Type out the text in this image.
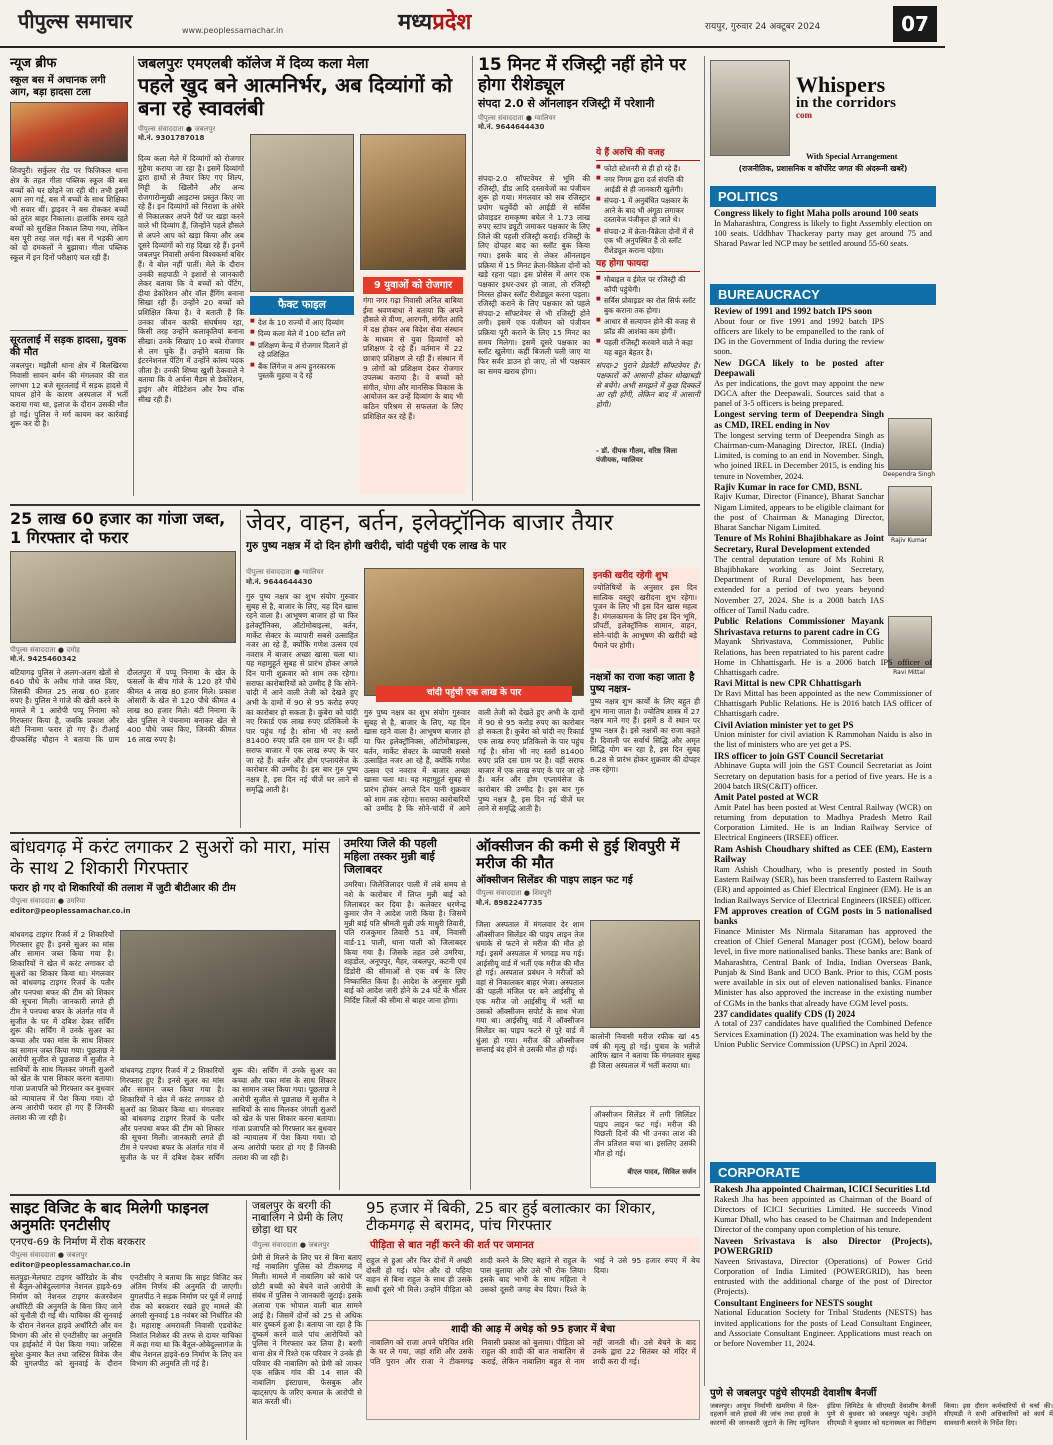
पीपुल्स समाचार	www.peoplessamachar.in	मध्यप्रदेश	रायपुर, गुरुवार 24 अक्टूबर 2024	07
न्यूज ब्रीफ
स्कूल बस में अचानक लगी आग, बड़ा हादसा टला
शिवपुरी। सर्कुलर रोड पर फिजिकल थाना क्षेत्र के तहत गीता पब्लिक स्कूल की बस बच्चों को घर छोड़ने जा रही थी। तभी इसमें आग लग गई, बस में बच्चों के साथ शिक्षिका भी सवार थीं। ड्राइवर ने बस रोककर बच्चों को तुरंत बाहर निकाला। हालांकि समय रहते बच्चों को सुरक्षित निकाल लिया गया, लेकिन बस पूरी तरह जल गई। बस में भड़की आग को दो दमकलों ने बुझाया। गीता पब्लिक स्कूल में इन दिनों परीक्षाएं चल रही हैं।
सूरतलाई में सड़क हादसा, युवक की मौत
जबलपुर। मझौली थाना क्षेत्र में बिलखिरया निवासी सावन बर्मन की मंगलवार की रात लगभग 12 बजे सूरतलाई में सड़क हादसे में घायल होने के कारण अस्पताल में भर्ती कराया गया था, इलाज के दौरान उसकी मौत हो गई। पुलिस ने मर्ग कायम कर कार्रवाई शुरू कर दी है।
जबलपुरः एमएलबी कॉलेज में दिव्य कला मेला
पहले खुद बने आत्मनिर्भर, अब दिव्यांगों को बना रहे स्वावलंबी
पीपुल्स संवाददाता ● जबलपुर
मो.नं. 9301787018
दिव्य कला मेले में दिव्यांगों को रोजगार मुहैया कराया जा रहा है। इसमें दिव्यांगों द्वारा हाथों से तैयार किए गए शिल्प, मिट्टी के खिलौने और अन्य रोजगारोन्मुखी आइटम्स प्रस्तुत किए जा रहे हैं। इन दिव्यांगों को निराशा के अंधेरे से निकालकर अपने पैरों पर खड़ा करने वाले भी दिव्यांग हैं, जिन्होंने पहले हौसले से अपने आप को खड़ा किया और अब दूसरे दिव्यांगों को राह दिखा रहे हैं। इनमें जबलपुर निवासी अर्चना विश्वकर्मा बधिर हैं। वे बोल नहीं पातीं। मेले के दौरान उनकी सहपाठी ने इशारों से जानकारी लेकर बताया कि वे बच्चों को पेंटिंग, दीया डेकोरेशन और वॉल हैंगिंग बनाना सिखा रही हैं। उन्होंने 20 बच्चों को प्रशिक्षित किया है। वे बताती हैं कि उनका जीवन काफी संघर्षमय रहा, किसी तरह उन्होंने कलाकृतियां बनाना सीखा। उनके सिखाए 10 बच्चे रोजगार से लग चुके हैं। उन्होंने बताया कि इंटरनेशनल पेंटिंग में उन्होंने कांस्य पदक जीता है। उनकी शिष्या खुशी ठेकवाले ने बताया कि वे अर्चना मैडम से डेकोरेशन, ड्राइंग और मेडिटेशन और रैम्प वॉक सीख रही हैं।
फैक्ट फाइल
■ देश के 10 राज्यों में आए दिव्यांग
■ दिव्य कला मेले में 100 स्टॉल लगे
■ प्रशिक्षण केन्द्र में रोजगार दिलाने हो रहे प्रशिक्षित
■ बैंक लिंगेज व अन्य हुनरकारक पुस्तकें मुहया व दे रहे
9 युवाओं को रोजगार
गंगा नगर गढ़ा निवासी अनिल बाबिया ईमा श्रवणबाधा ने बताया कि अपने हौसले से वीणा, आरगनी, संगीत आदि में दक्ष होकर अब विदेश सेवा संस्थान के माध्यम से युवा दिव्यांगों को प्रशिक्षण दे रहे हैं। वर्तमान में 22 छात्राएं प्रशिक्षण ले रही हैं। संस्थान में 9 लोगों को प्रशिक्षण देकर रोजगार उपलब्ध कराया है। वे बच्चों को संगीत, योगा और मानसिक विकास के आयोजन कर उन्हें दिव्यांग के बाद भी कठिन परिश्रम से सफलता के लिए प्रशिक्षित कर रहे हैं।
15 मिनट में रजिस्ट्री नहीं होने पर होगा रीशेड्यूल
संपदा 2.0 से ऑनलाइन रजिस्ट्री में परेशानी
पीपुल्स संवाददाता ● ग्वालियर
मो.नं. 9644644430
संपदा-2.0 सॉफ्टवेयर से भूमि की रजिस्ट्री, डीड आदि दस्तावेजों का पंजीयन शुरू हो गया। मंगलवार को सब रजिस्ट्रार प्रयोग चतुर्वेदी को आईडी से सर्विस प्रोवाइडर रामकृष्ण बघेल ने 1.73 लाख रुपए स्टांप ड्यूटी जमाकर पक्षकार के लिए जिले की पहली रजिस्ट्री कराई। रजिस्ट्री के लिए दोपहर बाद का स्लॉट बुक किया गया। इसके बाद से लेकर ऑनलाइन प्रक्रिया में 15 मिनट क्रेता-विक्रेता दोनों को खड़े रहना पड़ा। इस प्रोसेस में अगर एक पक्षकार इधर-उधर हो जाता, तो रजिस्ट्री निरस्त होकर स्लॉट रीशेड्यूल करना पड़ता। रजिस्ट्री कराने के लिए पक्षकार को पहले संपदा-2 सॉफ्टवेयर से भी रजिस्ट्री होने लगी। इसमें एक पंजीयन को पंजीयन प्रक्रिया पूरी कराने के लिए 15 मिनट का समय मिलेगा। इसमें दूसरे पक्षकार का स्लॉट खुलेगा। कहीं बिजली चली जाए या फिर सर्वर डाउन हो जाए, तो भी पक्षकार का समय खराब होगा।
ये हैं अरुचि की वजह
■ फोटो स्टेशनरी से ही हो रहे हैं।
■ नगर निगम द्वारा दर्ज संपत्ति की आईडी से ही जानकारी खुलेगी।
■ संपदा-1 में अनुबंधित पक्षकार के आने के बाद भी अंगूठा लगाकर दस्तावेज पंजीकृत हो जाते थे।
■ संपदा-2 में क्रेता-विक्रेता दोनों में से एक भी अनुपस्थित है तो स्लॉट रीशेड्यूल कराना पड़ेगा।
यह होगा फायदा
■ मोबाइल व ईमेल पर रजिस्ट्री की कॉपी पहुंचेगी।
■ सर्विस प्रोवाइडर का रोल सिर्फ स्लॉट बुक कराना तक होगा।
■ आधार से सत्यापन होने की वजह से फ्रॉड की आशंका कम होगी।
■ पहली रजिस्ट्री करवाने वाले ने कहा यह बहुत बेहतर है।
संपदा-2 पुराने प्रेडवेटी सॉफ्टवेयर है। पक्षकारों को आसानी होकर धोखाधड़ी से बचेंगे। अभी समझने में कुछ दिक्कतें आ रही होंगी, लेकिन बाद में आसानी होगी।
- डॉ. दीपक गौतम, वरिष्ठ जिला पंजीयक, ग्वालियर
Whispers
in the corridors
com
With Special Arrangement
(राजनीतिक, प्रशासनिक व कॉर्पोरेट जगत की अंदरूनी खबरें)
POLITICS
Congress likely to fight Maha polls around 100 seats
In Maharashtra, Congress is likely to fight Assembly election on 100 seats. Uddhhav Thackeray party may get around 75 and Sharad Pawar led NCP may be settled around 55-60 seats.
BUREAUCRACY
Deependra Singh
Rajiv Kumar
Ravi Mittal
Review of 1991 and 1992 batch IPS soon
About four or five 1991 and 1992 batch IPS officers are likely to be empanelled to the rank of DG in the Government of India during the review soon.
New DGCA likely to be posted after Deepawali
As per indications, the govt may appoint the new DGCA after the Deepawali. Sources said that a panel of 3-5 officers is being prepared.
Longest serving term of Deependra Singh as CMD, IREL ending in Nov
The longest serving term of Deependra Singh as Chairman-cum-Managing Director, IREL (India) Limited, is coming to an end in November. Singh, who joined IREL in December 2015, is ending his tenure in November, 2024.
Rajiv Kumar in race for CMD, BSNL
Rajiv Kumar, Director (Finance), Bharat Sanchar Nigam Limited, appears to be eligible claimant for the post of Chairman & Managing Director, Bharat Sanchar Nigam Limited.
Tenure of Ms Rohini Bhajibhakare as Joint Secretary, Rural Development extended
The central deputation tenure of Ms Rohini R Bhajibhakare working as Joint Secretary, Department of Rural Development, has been extended for a period of two years beyond November 27, 2024. She is a 2008 batch IAS officer of Tamil Nadu cadre.
Public Relations Commissioner Mayank Shrivastava returns to parent cadre in CG
Mayank Shrivastava, Commissioner, Public Relations, has been repatriated to his parent cadre Home in Chhattisgarh. He is a 2006 batch IPS officer of Chhattisgarh cadre.
Ravi Mittal is new CPR Chhattisgarh
Dr Ravi Mittal has been appointed as the new Commissioner of Chhattisgarh Public Relations. He is 2016 batch IAS officer of Chhattisgarh cadre.
Civil Aviation minister yet to get PS
Union minister for civil aviation K Rammohan Naidu is also in the list of ministers who are yet get a PS.
IRS officer to join GST Council Secretariat
Abhinave Gupta will join the GST Council Secretariat as Joint Secretary on deputation basis for a period of five years. He is a 2004 batch IRS(C&IT) officer.
Amit Patel posted at WCR
Amit Patel has been posted at West Central Railway (WCR) on returning from deputation to Madhya Pradesh Metro Rail Corporation Limited. He is an Indian Railway Service of Electrical Engineers (IRSEE) officer.
Ram Ashish Choudhary shifted as CEE (EM), Eastern Railway
Ram Ashish Choudhary, who is presently posted in South Eastern Railway (SER), has been transferred to Eastern Railway (ER) and appointed as Chief Electrical Engineer (EM). He is an Indian Railways Service of Electrical Engineers (IRSEE) officer.
FM approves creation of CGM posts in 5 nationalised banks
Finance Minister Ms Nirmala Sitaraman has approved the creation of Chief General Manager post (CGM), below board level, in five more nationalised banks. These banks are: Bank of Maharashtra, Central Bank of India, Indian Overseas Bank, Punjab & Sind Bank and UCO Bank. Prior to this, CGM posts were available in six out of eleven nationalised banks. Finance Minister has also approved the increase in the existing number of CGMs in the banks that already have CGM level posts.
237 candidates qualify CDS (I) 2024
A total of 237 candidates have qualified the Combined Defence Services Examination (I) 2024. The examination was held by the Union Public Service Commission (UPSC) in April 2024.
CORPORATE
Rakesh Jha appointed Chairman, ICICI Securities Ltd
Rakesh Jha has been appointed as Chairman of the Board of Directors of ICICI Securities Limited. He succeeds Vinod Kumar Dhall, who has ceased to be Chairman and Independent Director of the company upon completion of his tenure.
Naveen Srivastava is also Director (Projects), POWERGRID
Naveen Srivastava, Director (Operations) of Power Grid Corporation of India Limited (POWERGRID), has been entrusted with the additional charge of the post of Director (Projects).
Consultant Engineers for NESTS sought
National Education Society for Tribal Students (NESTS) has invited applications for the posts of Lead Consultant Engineer, and Associate Consultant Engineer. Applications must reach on or before November 11, 2024.
25 लाख 60 हजार का गांजा जब्त, 1 गिरफ्तार दो फरार
पीपुल्स संवाददाता ● दमोह
मो.नं. 9425460342
बटियागढ़ पुलिस ने अलग-अलग खेतों से 640 पौधे के अवैध गांजे जब्त किए, जिसकी कीमत 25 लाख 60 हजार रुपए है। पुलिस ने गांजे की खेती करने के मामले में 1 आरोपी पप्पू निनामा को गिरफ्तार किया है, जबकि प्रकाश और बंटी निनामा फरार हो गए हैं। टीआई दीपकसिंह चौहान ने बताया कि ग्राम दौलतपुरा में पप्पू निनामा के खेत के फसलों के बीच गांजे के 120 हरे पौधे कीमत 4 लाख 80 हजार मिले। प्रकाश ओसारी के खेत से 120 पौधे कीमत 4 लाख 80 हजार मिले। बंटी निनामा के खेत पुलिस ने पंचनामा बनाकर खेत से 400 पौधे जब्त किए, जिनकी कीमत 16 लाख रुपए है।
जेवर, वाहन, बर्तन, इलेक्ट्रॉनिक बाजार तैयार
गुरु पुष्य नक्षत्र में दो दिन होगी खरीदी, चांदी पहुंची एक लाख के पार
पीपुल्स संवाददाता ● ग्वालियर
मो.नं. 9644644430
गुरु पुष्य नक्षत्र का शुभ संयोग गुरुवार सुबह से है, बाजार के लिए, यह दिन खास रहने वाला है। आभूषण बाजार हो या फिर इलेक्ट्रॉनिक्स, ऑटोमोबाइल्स, बर्तन, मार्केट सेक्टर के व्यापारी सबसे उत्साहित नजर आ रहे हैं, क्योंकि गणेश उत्सव एवं नवरात्र में बाजार अच्छा खासा चला था। यह महामुहूर्त सुबह से प्रारंभ होकर अगले दिन यानी शुक्रवार को शाम तक रहेगा। सराफा कारोबारियों को उम्मीद है कि सोने-चांदी में आने वाली तेजी को देखते हुए अभी के दामों में 90 से 95 करोड़ रुपए का कारोबार हो सकता है। कुबेरा को चांदी नए रिकार्ड एक लाख रुपए प्रतिकिलो के पार पहुंच गई है। सोना भी नए स्तरों 81400 रुपए प्रति दस ग्राम पर है। वहीं सराफ बाजार में एक लाख रुपए के पार जा रहे हैं। बर्तन और होम एप्लायंसेज के कारोबार की उम्मीद है। इस बार गुरु पुष्य नक्षत्र है, इस दिन नई चीजें घर लाने से समृद्धि आती है।
चांदी पहुंची एक लाख के पार
इनकी खरीद रहेगी शुभ
ज्योतिषियों के अनुसार इस दिन सात्विक वस्तुएं खरीदना शुभ रहेगा। पूजन के लिए भी इस दिन खास महत्व है। मंगलकामना के लिए इस दिन भूमि, प्रॉपर्टी, इलेक्ट्रॉनिक सामान, वाहन, सोने-चांदी के आभूषण की खरीदी बड़े पैमाने पर होगी।
नक्षत्रों का राजा कहा जाता है पुष्य नक्षत्र-
पुष्य नक्षत्र शुभ कार्यों के लिए बहुत ही शुभ माना जाता है। ज्योतिष शास्त्र में 27 नक्षत्र माने गए हैं। इसमें 8 वें स्थान पर पुष्य नक्षत्र है। इसे नक्षत्रों का राजा कहते हैं। दिवाली पर सर्वार्थ सिद्धि और अमृत सिद्धि योग बन रहा है, इस दिन सुबह 6.28 से प्रारंभ होकर शुक्रवार की दोपहर तक रहेगा।
गुरु पुष्य नक्षत्र का शुभ संयोग गुरुवार सुबह से है, बाजार के लिए, यह दिन खास रहने वाला है। आभूषण बाजार हो या फिर इलेक्ट्रॉनिक्स, ऑटोमोबाइल्स, बर्तन, मार्केट सेक्टर के व्यापारी सबसे उत्साहित नजर आ रहे हैं, क्योंकि गणेश उत्सव एवं नवरात्र में बाजार अच्छा खासा चला था। यह महामुहूर्त सुबह से प्रारंभ होकर अगले दिन यानी शुक्रवार को शाम तक रहेगा। सराफा कारोबारियों को उम्मीद है कि सोने-चांदी में आने वाली तेजी को देखते हुए अभी के दामों में 90 से 95 करोड़ रुपए का कारोबार हो सकता है। कुबेरा को चांदी नए रिकार्ड एक लाख रुपए प्रतिकिलो के पार पहुंच गई है। सोना भी नए स्तरों 81400 रुपए प्रति दस ग्राम पर है। वहीं सराफ बाजार में एक लाख रुपए के पार जा रहे हैं। बर्तन और होम एप्लायंसेज के कारोबार की उम्मीद है। इस बार गुरु पुष्य नक्षत्र है, इस दिन नई चीजें घर लाने से समृद्धि आती है।
बांधवगढ़ में करंट लगाकर 2 सुअरों को मारा, मांस के साथ 2 शिकारी गिरफ्तार
फरार हो गए दो शिकारियों की तलाश में जुटी बीटीआर की टीम
पीपुल्स संवाददाता ● उमरिया
editor@peoplessamachar.co.in
बांधवगढ़ टाइगर रिजर्व में 2 शिकारियों गिरफ्तार हुए हैं। इनसे सुअर का मांस और सामान जब्त किया गया है। शिकारियों ने खेत में करंट लगाकर दो सुअरों का शिकार किया था। मंगलवार को बांधवगढ़ टाइगर रिजर्व के पतौर और पनपथा बफर की टीम को शिकार की सूचना मिली। जानकारी लगते ही टीम ने पनपथा बफर के अंतर्गत गांव में सुजीत के घर में दबिश देकर सर्चिंग शुरू की। सर्चिंग में उनके सुअर का कच्चा और पका मांस के साथ शिकार का सामान जब्त किया गया। पूछताछ ने आरोपी सुजीत से पूछताछ में सुजीत ने साथियों के साथ मिलकर जंगली सुअरों को खेत के पास शिकार करना बताया। गांजा प्रजापति को गिरफ्तार कर बुधवार को न्यायालय में पेश किया गया। दो अन्य आरोपी फरार हो गए हैं जिनकी तलाश की जा रही है।
बांधवगढ़ टाइगर रिजर्व में 2 शिकारियों गिरफ्तार हुए हैं। इनसे सुअर का मांस और सामान जब्त किया गया है। शिकारियों ने खेत में करंट लगाकर दो सुअरों का शिकार किया था। मंगलवार को बांधवगढ़ टाइगर रिजर्व के पतौर और पनपथा बफर की टीम को शिकार की सूचना मिली। जानकारी लगते ही टीम ने पनपथा बफर के अंतर्गत गांव में सुजीत के घर में दबिश देकर सर्चिंग शुरू की। सर्चिंग में उनके सुअर का कच्चा और पका मांस के साथ शिकार का सामान जब्त किया गया। पूछताछ ने आरोपी सुजीत से पूछताछ में सुजीत ने साथियों के साथ मिलकर जंगली सुअरों को खेत के पास शिकार करना बताया। गांजा प्रजापति को गिरफ्तार कर बुधवार को न्यायालय में पेश किया गया। दो अन्य आरोपी फरार हो गए हैं जिनकी तलाश की जा रही है।
उमरिया जिले की पहली महिला तस्कर मुन्नी बाई जिलाबदर
उमरिया। जिलेजिलादर पाली में लंबे समय से नशे के कारोबार में लिप्त मुन्नी बाई को जिलाबदर कर दिया है। कलेक्टर धरणेन्द्र कुमार जैन ने आदेश जारी किया है। जिसमें मुन्नी बाई पति श्रीमती मुन्नी उर्फ माधुरी तिवारी, पति राजकुमार तिवारी 51 वर्ष, निवासी वार्ड-11 पाली, थाना पाली को जिलाबदर किया गया है। जिसके तहत उसे उमरिया, शहडोल, अनूपपुर, मैहर, जबलपुर, कटनी एवं डिंडोरी की सीमाओं से एक वर्ष के लिए निष्कासित किया है। आदेश के अनुसार मुन्नी बाई को आदेश जारी होने के 24 घंटे के भीतर निर्दिष्ट जिलों की सीमा से बाहर जाना होगा।
ऑक्सीजन की कमी से हुई शिवपुरी में मरीज की मौत
ऑक्सीजन सिलेंडर की पाइप लाइन फट गई
पीपुल्स संवाददाता ● शिवपुरी
मो.नं. 8982247735
जिला अस्पताल में मंगलवार देर शाम ऑक्सीजन सिलेंडर की पाइप लाइन तेज धमाके से फटने से मरीज की मौत हो गई। इसमें अस्पताल में भगदड़ मच गई। आईसीयू वार्ड में भर्ती एक मरीज की मौत हो गई। अस्पताल प्रबंधन ने मरीजों को वहां से निकालकर बाहर भेजा। अस्पताल की पहली मंजिल पर बने आईसीयू से एक मरीज जो आईसीयू में भर्ती था उसको ऑक्सीजन सपोर्ट के साथ भेजा गया था। आईसीयू वार्ड में ऑक्सीजन सिलेंडर का पाइप फटने से पूरे वार्ड में धुंआ हो गया। मरीज की ऑक्सीजन सप्लाई बंद होने से उसकी मौत हो गई।
कालोनी निवासी मरीज रफीक खां 45 वर्ष की मृत्यु हो गई। पुत्राव के भतीजे आरिफ खान ने बताया कि मंगलवार सुबह ही जिला अस्पताल में भर्ती कराया था।
ऑक्सीजन सिलेंडर में लगी सिलिंडर पाइप लाइन फट गई। मरीज की पिछली दिनों की भी उनका लाश की तीन प्रतिशत बचा था। इसलिए उसकी मौत हो गई।
बीएल यादव, सिविल सर्जन
साइट विजिट के बाद मिलेगी फाइनल अनुमतिः एनटीसीए
एनएच-69 के निर्माण में रोक बरकरार
पीपुल्स संवाददाता ● जबलपुर
editor@peoplessamachar.co.in
सतपुड़ा-मेलघाट टाइगर कॉरिडोर के बीच से बैतूल-ओबेदुल्लागंज नेशनल हाइवे-69 निर्माण को नेशनल टाइगर कंजरवेशन अथॉरिटी की अनुमति के बिना किए जाने को चुनौती दी गई थी। याचिका की सुनवाई के दौरान नेशनल हाइवे अथॉरिटी और वन विभाग की ओर से एनटीसीए का अनुमति पत्र हाईकोर्ट में पेश किया गया। जस्टिस सुरेश कुमार कैत तथा जस्टिस विवेक जैन की युगलपीठ को सुनवाई के दौरान एनटीसीए ने बताया कि साइट विजिट कर अंतिम निर्णय की अनुमति दी जाएगी। युगलपीठ ने सड़क निर्माण पर पूर्व में लगाई रोक को बरकरार रखते हुए मामले की अगली सुनवाई 18 नवंबर को निर्धारित की है। महाराष्ट्र अमरावती निवासी एडवोकेट निशांत निशेकर की तरफ से दायर याचिका में कहा गया था कि बैतूल-ओबेदुल्लागंज के बीच नेशनल हाइवे-69 निर्माण के लिए वन विभाग की अनुमति ली गई है।
जबलपुर के बरगी की नाबालिग ने प्रेमी के लिए छोड़ा था घर
पीपुल्स संवाददाता ● जबलपुर
प्रेमी से मिलने के लिए घर से बिना बताए गई नाबालिग पुलिस को टीकमगढ़ में मिली। मामले में नाबालिग को कांधे पर छोटी बच्ची को बेचने वाले आरोपी के संबंध में पुलिस ने जानकारी जुटाई। इसके अलावा एक भोपाल वाली बात सामने आई है। जिसमें दोनों को 25 से अधिक बार दुष्कर्म हुआ है। बताया जा रहा है कि दुष्कर्म करने वाले पांच आरोपियों को पुलिस ने गिरफ्तार कर लिया है। बरगी थाना क्षेत्र में रिश्ते एक परिवार ने उनके ही परिवार की नाबालिग को प्रेमी को जाकर एक सक्रिय गांव की 14 साल की नाबालिग इंस्टाग्राम, फेसबुक और व्हाट्सएप के जरिए कमाल के आरोपी से बात करती थी।
95 हजार में बिकी, 25 बार हुई बलात्कार का शिकार, टीकमगढ़ से बरामद, पांच गिरफ्तार
पीड़िता से बात नहीं करने की शर्त पर जमानत
राहुल से हुआ और फिर दोनों में अच्छी दोस्ती हो गई। फोन और दो पहिया वाहन से बिना राहुल के साथ ही उसके साथी दूसरे भी मिले। उन्होंने पीड़िता को शादी करने के लिए बहाने से राहुल के पास बुलाया और उसे भी रोक लिया। इसके बाद भाभी के साथ महिला ने उसको दूसरी जगह बेच दिया। रिश्ते के भाई ने उसे 95 हजार रुपए में बेच दिया।
शादी की आड़ में अधेड़ को 95 हजार में बेचा
नाबालिग को राजा अपने परिचित शशि के घर ले गया, जहां शशि और उसके पति पुरान और राजा ने टीकमगढ़ निवासी प्रकाश को बुलाया। पीड़िता को राहुल की शादी की बात नाबालिग से कराई, लेकिन नाबालिग बहुत से नाम नहीं जानती थी। उसे बेचने के बाद उनके द्वारा 22 सितंबर को मंदिर में शादी करा दी गई।
पुणे से जबलपुर पहुंचे सीएमडी देवाशीष बैनर्जी
जबलपुर। आयुध निर्माणी खमरिया में दिल-दहलाने वाले हादसे की जांच तथा हादसे के कारणों की जानकारी जुटाने के लिए म्युनिशन इंडिया लिमिटेड के सीएमडी देवाशीष बैनर्जी पुणे से बुधवार को जबलपुर पहुंचे। उन्होंने सीएमडी ने बुधवार को घटनास्थल का निरीक्षण किया। इस दौरान कर्मचारियों से चर्चा की। सीएमडी ने सभी अधिकारियों को कार्य में सावधानी बरतने के निर्देश दिए।
